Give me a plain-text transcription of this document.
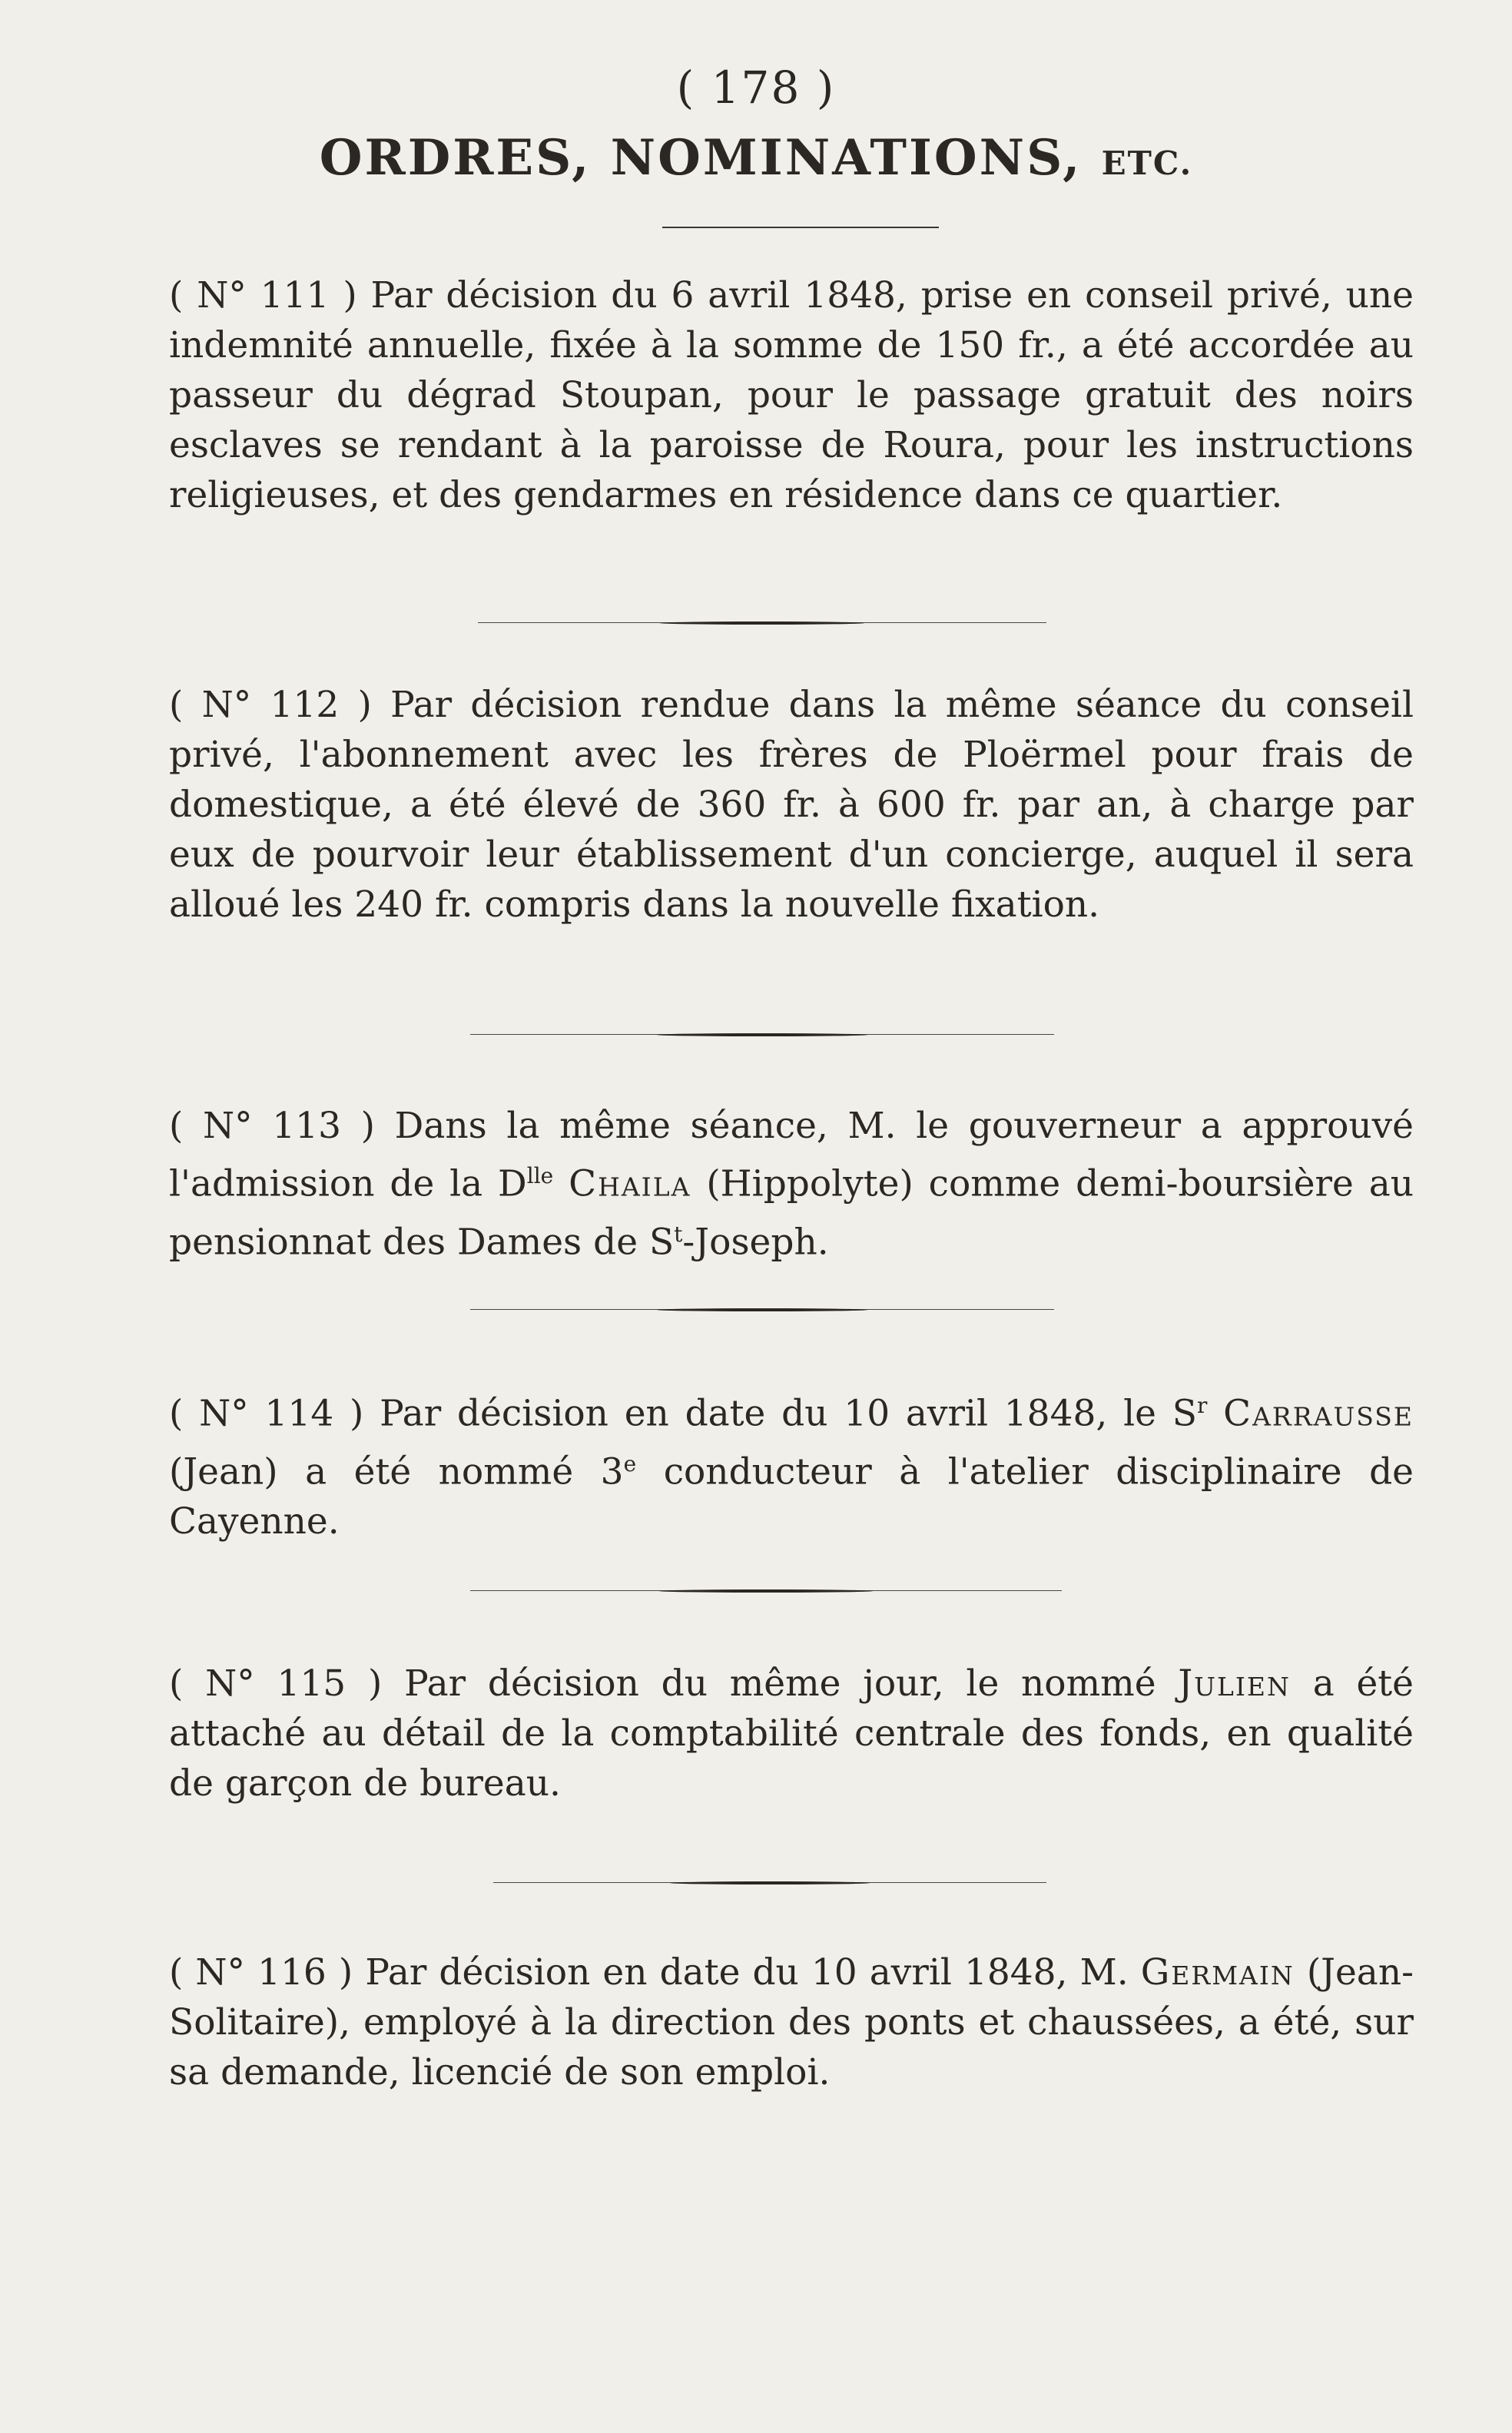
( 178 )
ORDRES, NOMINATIONS, ETC.
( N° 111 ) Par décision du 6 avril 1848, prise en conseil privé, une indemnité annuelle, fixée à la somme de 150 fr., a été accordée au passeur du dégrad Stoupan, pour le passage gratuit des noirs esclaves se rendant à la paroisse de Roura, pour les instructions religieuses, et des gendarmes en résidence dans ce quartier.
( N° 112 ) Par décision rendue dans la même séance du conseil privé, l'abonnement avec les frères de Ploërmel pour frais de domestique, a été élevé de 360 fr. à 600 fr. par an, à charge par eux de pourvoir leur établissement d'un concierge, auquel il sera alloué les 240 fr. compris dans la nouvelle fixation.
( N° 113 ) Dans la même séance, M. le gouverneur a approuvé l'admission de la $D^{lle}$ Chaila (Hippolyte) comme demi-boursière au pensionnat des Dames de $S^t$-Joseph.
( N° 114 ) Par décision en date du 10 avril 1848, le $S^r$ Carrausse (Jean) a été nommé 3e conducteur à l'atelier disciplinaire de Cayenne.
( N° 115 ) Par décision du même jour, le nommé Julien a été attaché au détail de la comptabilité centrale des fonds, en qualité de garçon de bureau.
( N° 116 ) Par décision en date du 10 avril 1848, M. Germain (Jean-Solitaire), employé à la direction des ponts et chaussées, a été, sur sa demande, licencié de son emploi.
